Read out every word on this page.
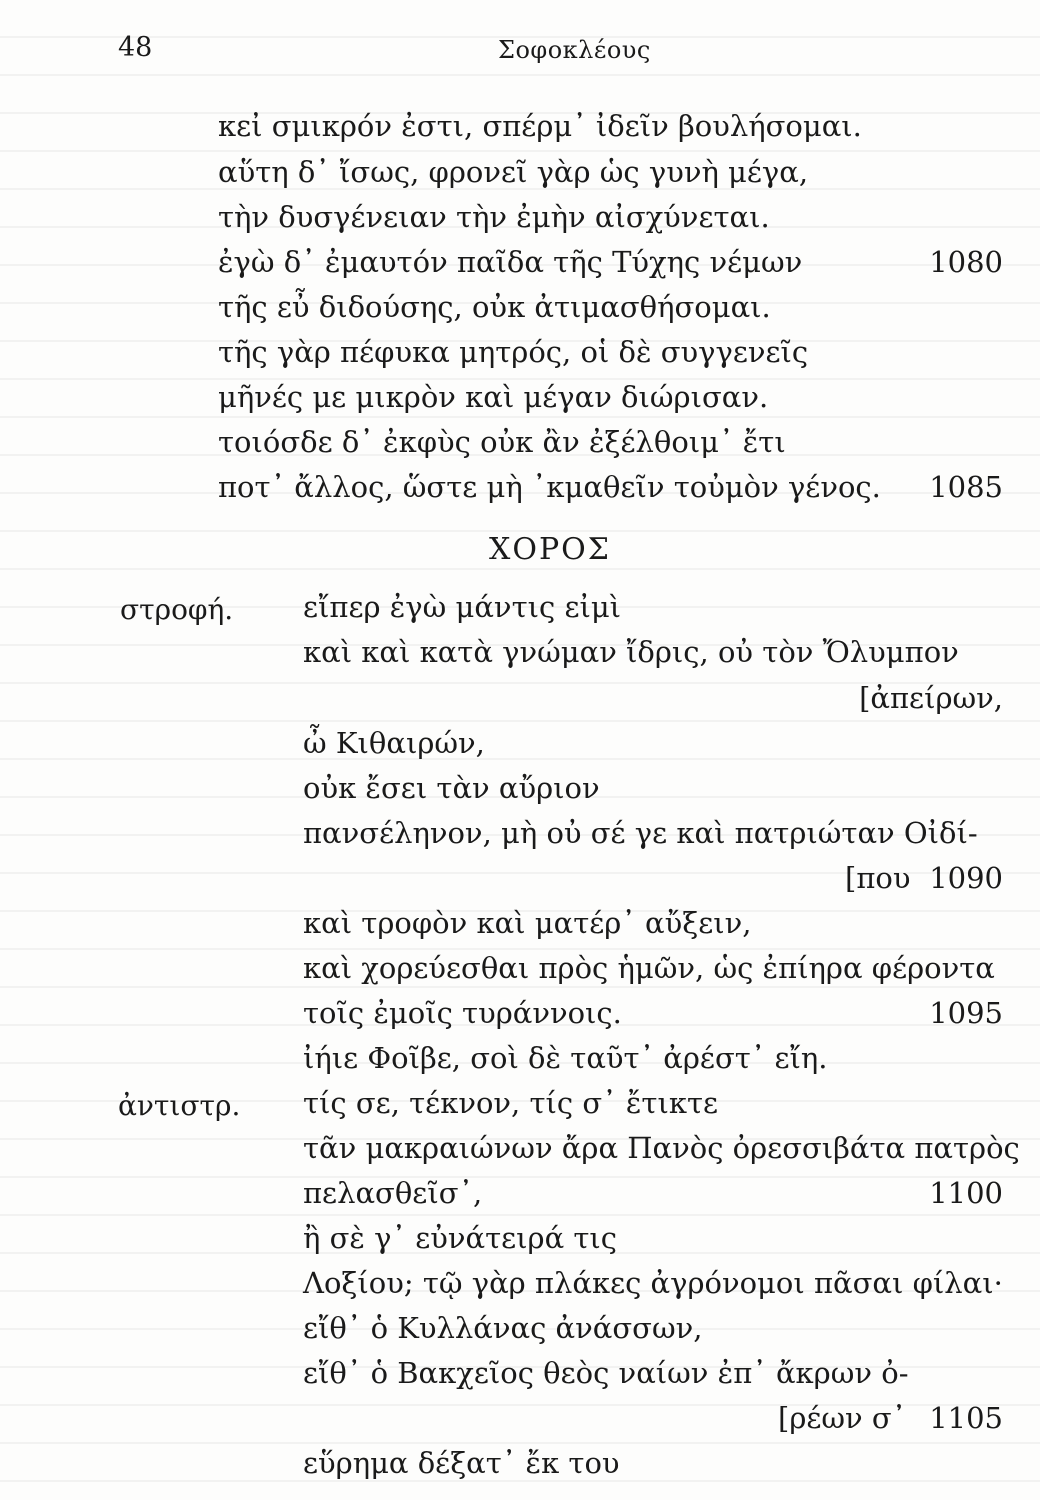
48	Σοφοκλέους
κεἰ σμικρόν ἐστι, σπέρμ᾽ ἰδεῖν βουλήσομαι.
αὕτη δ᾽ ἴσως, φρονεῖ γὰρ ὡς γυνὴ μέγα,
τὴν δυσγένειαν τὴν ἐμὴν αἰσχύνεται.
ἐγὼ δ᾽ ἐμαυτόν παῖδα τῆς Τύχης νέμων	1080
τῆς εὖ διδούσης, οὐκ ἀτιμασθήσομαι.
τῆς γὰρ πέφυκα μητρός, οἱ δὲ συγγενεῖς
μῆνές με μικρὸν καὶ μέγαν διώρισαν.
τοιόσδε δ᾽ ἐκφὺς οὐκ ἂν ἐξέλθοιμ᾽ ἔτι
ποτ᾽ ἄλλος, ὥστε μὴ ᾽κμαθεῖν τοὐμὸν γένος. 1085
ΧΟΡΟΣ
στροφή. εἴπερ ἐγὼ μάντις εἰμὶ
καὶ καὶ κατὰ γνώμαν ἴδρις, οὐ τὸν Ὄλυμπον
[ἀπείρων,
ὦ Κιθαιρών,
οὐκ ἔσει τὰν αὔριον
πανσέληνον, μὴ οὐ σέ γε καὶ πατριώταν Οἰδί-
[που 1090
καὶ τροφὸν καὶ ματέρ᾽ αὔξειν,
καὶ χορεύεσθαι πρὸς ἡμῶν, ὡς ἐπίηρα φέροντα
τοῖς ἐμοῖς τυράννοις.	1095
ἰήιε Φοῖβε, σοὶ δὲ ταῦτ᾽ ἀρέστ᾽ εἴη.
ἀντιστρ. τίς σε, τέκνον, τίς σ᾽ ἔτικτε
τᾶν μακραιώνων ἄρα Πανὸς ὀρεσσιβάτα πατρὸς
πελασθεῖσ᾽,	1100
ἢ σὲ γ᾽ εὐνάτειρά τις
Λοξίου; τῷ γὰρ πλάκες ἀγρόνομοι πᾶσαι φίλαι·
εἴθ᾽ ὁ Κυλλάνας ἀνάσσων,
εἴθ᾽ ὁ Βακχεῖος θεὸς ναίων ἐπ᾽ ἄκρων ὀ-
[ρέων σ᾽ 1105
εὕρημα δέξατ᾽ ἔκ του
